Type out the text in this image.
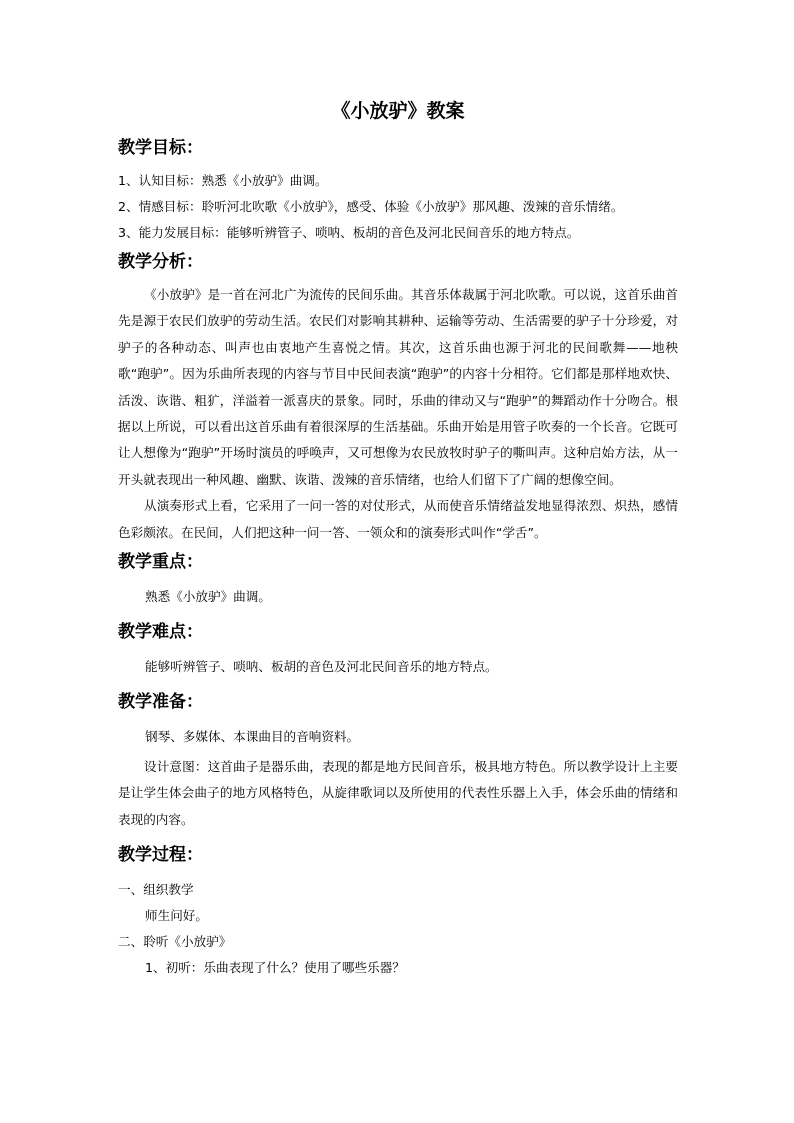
《小放驴》教案
教学目标：
1、认知目标：熟悉《小放驴》曲调。
2、情感目标：聆听河北吹歌《小放驴》，感受、体验《小放驴》那风趣、泼辣的音乐情绪。
3、能力发展目标：能够听辨管子、唢呐、板胡的音色及河北民间音乐的地方特点。
教学分析：

《小放驴》是一首在河北广为流传的民间乐曲。其音乐体裁属于河北吹歌。可以说，这首乐曲首先是源于农民们放驴的劳动生活。农民们对影响其耕种、运输等劳动、生活需要的驴子十分珍爱，对驴子的各种动态、叫声也由衷地产生喜悦之情。其次，这首乐曲也源于河北的民间歌舞——地秧歌“跑驴”。因为乐曲所表现的内容与节目中民间表演“跑驴”的内容十分相符。它们都是那样地欢快、活泼、诙谐、粗犷，洋溢着一派喜庆的景象。同时，乐曲的律动又与“跑驴”的舞蹈动作十分吻合。根据以上所说，可以看出这首乐曲有着很深厚的生活基础。乐曲开始是用管子吹奏的一个长音。它既可让人想像为“跑驴”开场时演员的呼唤声，又可想像为农民放牧时驴子的嘶叫声。这种启始方法，从一开头就表现出一种风趣、幽默、诙谐、泼辣的音乐情绪，也给人们留下了广阔的想像空间。

从演奏形式上看，它采用了一问一答的对仗形式，从而使音乐情绪益发地显得浓烈、炽热，感情色彩颇浓。在民间，人们把这种一问一答、一领众和的演奏形式叫作“学舌”。

教学重点：
熟悉《小放驴》曲调。
教学难点：
能够听辨管子、唢呐、板胡的音色及河北民间音乐的地方特点。
教学准备：
钢琴、多媒体、本课曲目的音响资料。

设计意图：这首曲子是器乐曲，表现的都是地方民间音乐，极具地方特色。所以教学设计上主要是让学生体会曲子的地方风格特色，从旋律歌词以及所使用的代表性乐器上入手，体会乐曲的情绪和表现的内容。

教学过程：
一、组织教学
师生问好。
二、聆听《小放驴》
1、初听：乐曲表现了什么？使用了哪些乐器？
